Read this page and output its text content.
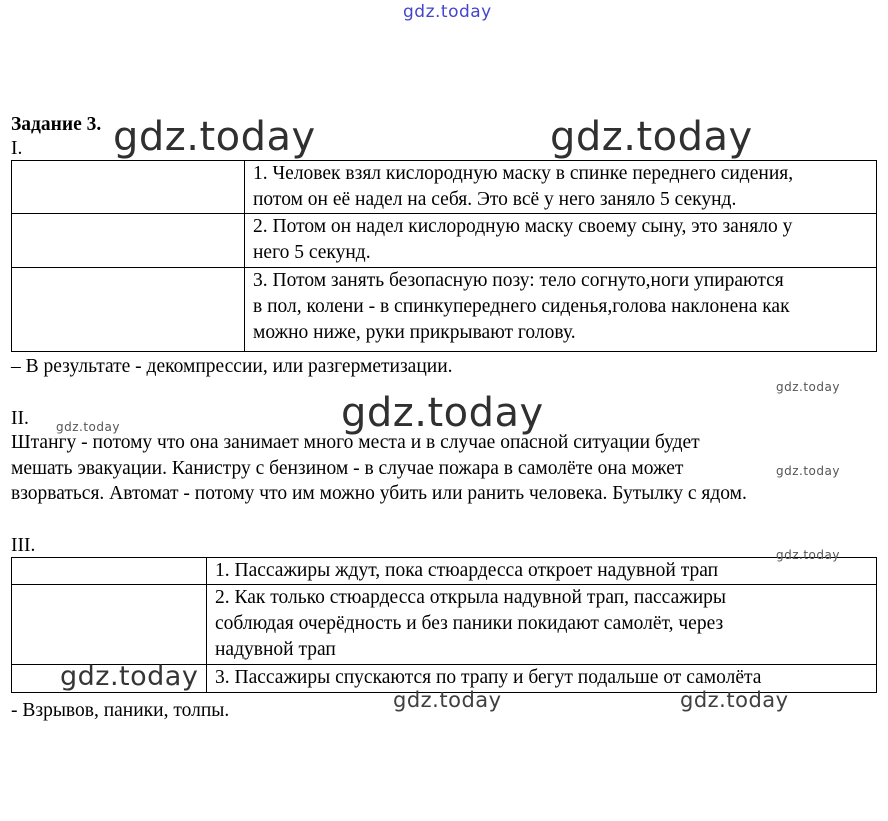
gdz.today
Задание 3.
I.

	1. Человек взял кислородную маску в спинке переднего сидения,
потом он её надел на себя. Это всё у него заняло 5 секунд.

	2. Потом он надел кислородную маску своему сыну, это заняло у
него 5 секунд.

	3. Потом занять безопасную позу: тело согнуто,ноги упираются
в пол, колени - в спинкупереднего сиденья,голова наклонена как
можно ниже, руки прикрывают голову.
– В результате - декомпрессии, или разгерметизации.
II.
Штангу - потому что она занимает много места и в случае опасной ситуации будет
мешать эвакуации. Канистру с бензином - в случае пожара в самолёте она может
взорваться. Автомат - потому что им можно убить или ранить человека. Бутылку с ядом.
III.

	1. Пассажиры ждут, пока стюардесса откроет надувной трап

	2. Как только стюардесса открыла надувной трап, пассажиры
соблюдая очерёдность и без паники покидают самолёт, через
надувной трап

	3. Пассажиры спускаются по трапу и бегут подальше от самолёта
- Взрывов, паники, толпы.
gdz.today	gdz.today
gdz.today
gdz.today
gdz.today	gdz.today
gdz.today
gdz.today
gdz.today
gdz.today
